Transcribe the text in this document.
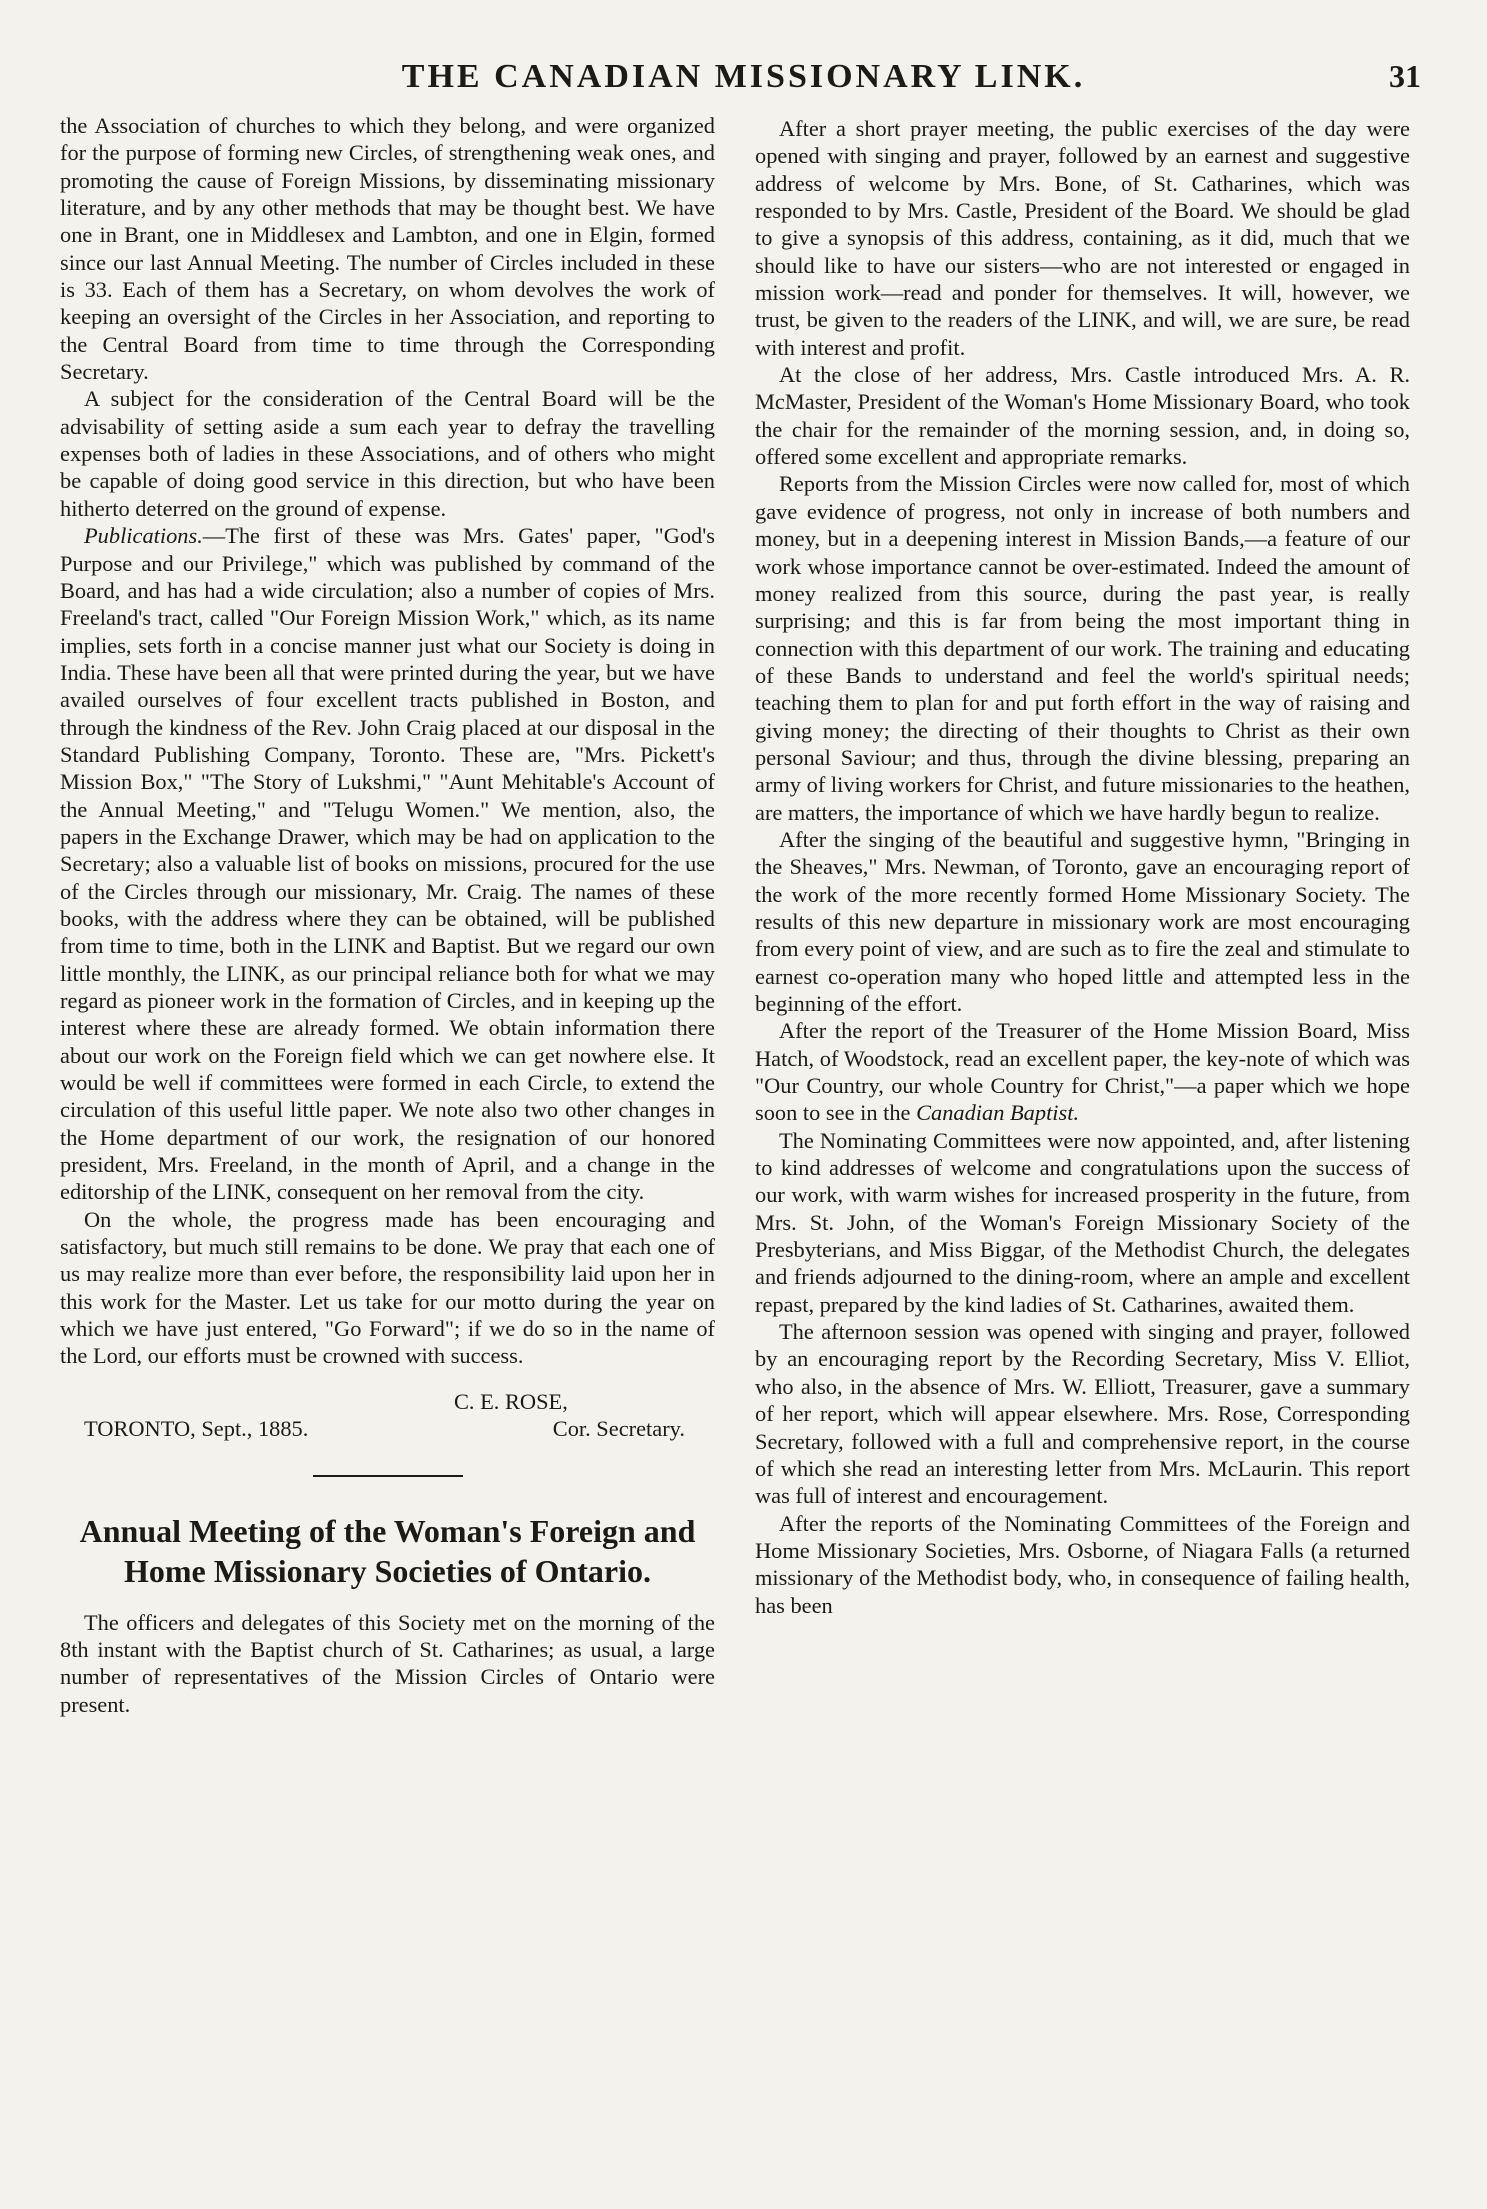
THE CANADIAN MISSIONARY LINK.	31

the Association of churches to which they belong, and were organized for the purpose of forming new Circles, of strengthening weak ones, and promoting the cause of Foreign Missions, by disseminating missionary literature, and by any other methods that may be thought best. We have one in Brant, one in Middlesex and Lambton, and one in Elgin, formed since our last Annual Meeting. The number of Circles included in these is 33. Each of them has a Secretary, on whom devolves the work of keeping an oversight of the Circles in her Association, and reporting to the Central Board from time to time through the Corresponding Secretary.

A subject for the consideration of the Central Board will be the advisability of setting aside a sum each year to defray the travelling expenses both of ladies in these Associations, and of others who might be capable of doing good service in this direction, but who have been hitherto deterred on the ground of expense.

Publications.—The first of these was Mrs. Gates' paper, "God's Purpose and our Privilege," which was published by command of the Board, and has had a wide circulation; also a number of copies of Mrs. Freeland's tract, called "Our Foreign Mission Work," which, as its name implies, sets forth in a concise manner just what our Society is doing in India. These have been all that were printed during the year, but we have availed ourselves of four excellent tracts published in Boston, and through the kindness of the Rev. John Craig placed at our disposal in the Standard Publishing Company, Toronto. These are, "Mrs. Pickett's Mission Box," "The Story of Lukshmi," "Aunt Mehitable's Account of the Annual Meeting," and "Telugu Women." We mention, also, the papers in the Exchange Drawer, which may be had on application to the Secretary; also a valuable list of books on missions, procured for the use of the Circles through our missionary, Mr. Craig. The names of these books, with the address where they can be obtained, will be published from time to time, both in the LINK and Baptist. But we regard our own little monthly, the LINK, as our principal reliance both for what we may regard as pioneer work in the formation of Circles, and in keeping up the interest where these are already formed. We obtain information there about our work on the Foreign field which we can get nowhere else. It would be well if committees were formed in each Circle, to extend the circulation of this useful little paper. We note also two other changes in the Home department of our work, the resignation of our honored president, Mrs. Freeland, in the month of April, and a change in the editorship of the LINK, consequent on her removal from the city.

On the whole, the progress made has been encouraging and satisfactory, but much still remains to be done. We pray that each one of us may realize more than ever before, the responsibility laid upon her in this work for the Master. Let us take for our motto during the year on which we have just entered, "Go Forward"; if we do so in the name of the Lord, our efforts must be crowned with success.

C. E. ROSE,
TORONTO, Sept., 1885.	Cor. Secretary.
Annual Meeting of the Woman's Foreign and Home Missionary Societies of Ontario.

The officers and delegates of this Society met on the morning of the 8th instant with the Baptist church of St. Catharines; as usual, a large number of representatives of the Mission Circles of Ontario were present.

After a short prayer meeting, the public exercises of the day were opened with singing and prayer, followed by an earnest and suggestive address of welcome by Mrs. Bone, of St. Catharines, which was responded to by Mrs. Castle, President of the Board. We should be glad to give a synopsis of this address, containing, as it did, much that we should like to have our sisters—who are not interested or engaged in mission work—read and ponder for themselves. It will, however, we trust, be given to the readers of the LINK, and will, we are sure, be read with interest and profit.

At the close of her address, Mrs. Castle introduced Mrs. A. R. McMaster, President of the Woman's Home Missionary Board, who took the chair for the remainder of the morning session, and, in doing so, offered some excellent and appropriate remarks.

Reports from the Mission Circles were now called for, most of which gave evidence of progress, not only in increase of both numbers and money, but in a deepening interest in Mission Bands,—a feature of our work whose importance cannot be over-estimated. Indeed the amount of money realized from this source, during the past year, is really surprising; and this is far from being the most important thing in connection with this department of our work. The training and educating of these Bands to understand and feel the world's spiritual needs; teaching them to plan for and put forth effort in the way of raising and giving money; the directing of their thoughts to Christ as their own personal Saviour; and thus, through the divine blessing, preparing an army of living workers for Christ, and future missionaries to the heathen, are matters, the importance of which we have hardly begun to realize.

After the singing of the beautiful and suggestive hymn, "Bringing in the Sheaves," Mrs. Newman, of Toronto, gave an encouraging report of the work of the more recently formed Home Missionary Society. The results of this new departure in missionary work are most encouraging from every point of view, and are such as to fire the zeal and stimulate to earnest co-operation many who hoped little and attempted less in the beginning of the effort.

After the report of the Treasurer of the Home Mission Board, Miss Hatch, of Woodstock, read an excellent paper, the key-note of which was "Our Country, our whole Country for Christ,"—a paper which we hope soon to see in the Canadian Baptist.

The Nominating Committees were now appointed, and, after listening to kind addresses of welcome and congratulations upon the success of our work, with warm wishes for increased prosperity in the future, from Mrs. St. John, of the Woman's Foreign Missionary Society of the Presbyterians, and Miss Biggar, of the Methodist Church, the delegates and friends adjourned to the dining-room, where an ample and excellent repast, prepared by the kind ladies of St. Catharines, awaited them.

The afternoon session was opened with singing and prayer, followed by an encouraging report by the Recording Secretary, Miss V. Elliot, who also, in the absence of Mrs. W. Elliott, Treasurer, gave a summary of her report, which will appear elsewhere. Mrs. Rose, Corresponding Secretary, followed with a full and comprehensive report, in the course of which she read an interesting letter from Mrs. McLaurin. This report was full of interest and encouragement.

After the reports of the Nominating Committees of the Foreign and Home Missionary Societies, Mrs. Osborne, of Niagara Falls (a returned missionary of the Methodist body, who, in consequence of failing health, has been
